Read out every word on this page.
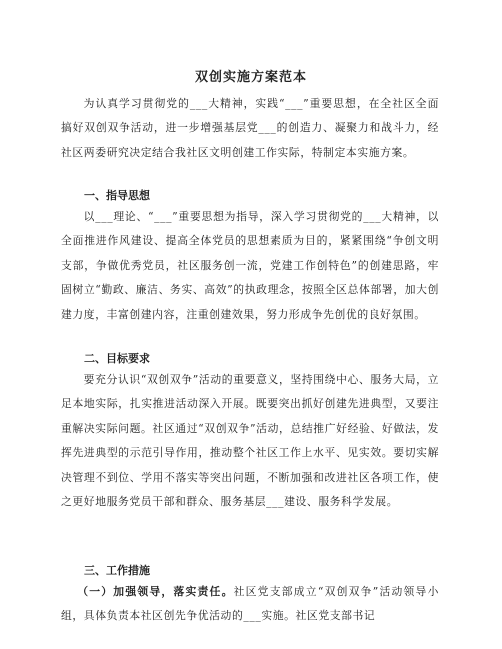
双创实施方案范本

为认真学习贯彻党的___大精神，实践“___”重要思想，在全社区全面搞好双创双争活动，进一步增强基层党___的创造力、凝聚力和战斗力，经社区两委研究决定结合我社区文明创建工作实际，特制定本实施方案。

一、指导思想

以___理论、“___”重要思想为指导，深入学习贯彻党的___大精神，以全面推进作风建设、提高全体党员的思想素质为目的，紧紧围绕“争创文明支部，争做优秀党员，社区服务创一流，党建工作创特色”的创建思路，牢固树立“勤政、廉洁、务实、高效”的执政理念，按照全区总体部署，加大创建力度，丰富创建内容，注重创建效果，努力形成争先创优的良好氛围。

二、目标要求

要充分认识“双创双争”活动的重要意义，坚持围绕中心、服务大局，立足本地实际，扎实推进活动深入开展。既要突出抓好创建先进典型，又要注重解决实际问题。社区通过“双创双争”活动，总结推广好经验、好做法，发挥先进典型的示范引导作用，推动整个社区工作上水平、见实效。要切实解决管理不到位、学用不落实等突出问题，不断加强和改进社区各项工作，使之更好地服务党员干部和群众、服务基层___建设、服务科学发展。

三、工作措施

（一）加强领导，落实责任。社区党支部成立“双创双争”活动领导小组，具体负责本社区创先争优活动的___实施。社区党支部书记
